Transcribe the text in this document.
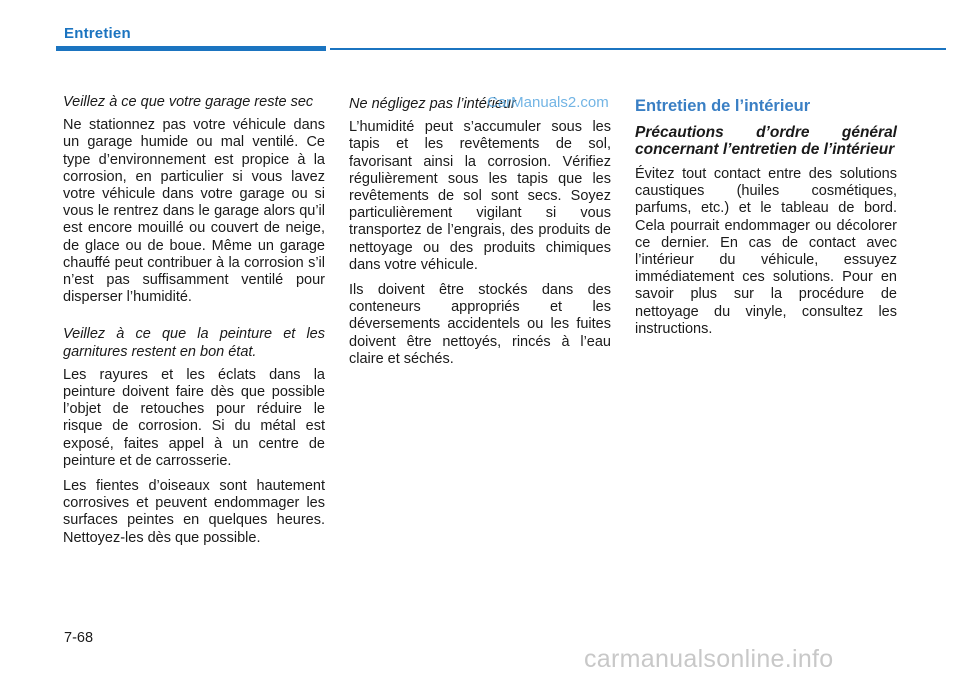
Entretien
Veillez à ce que votre garage reste sec

Ne stationnez pas votre véhicule dans un garage humide ou mal ventilé. Ce type d’environnement est propice à la corrosion, en particulier si vous lavez votre véhicule dans votre garage ou si vous le rentrez dans le garage alors qu’il est encore mouillé ou couvert de neige, de glace ou de boue. Même un garage chauffé peut contribuer à la corrosion s’il n’est pas suffisamment ventilé pour disperser l’humidité.

Veillez à ce que la peinture et les garnitures restent en bon état.

Les rayures et les éclats dans la peinture doivent faire dès que possible l’objet de retouches pour réduire le risque de corrosion. Si du métal est exposé, faites appel à un centre de peinture et de carrosserie.

Les fientes d’oiseaux sont hautement corrosives et peuvent endommager les surfaces peintes en quelques heures. Nettoyez-les dès que possible.

Ne négligez pas l’intérieur

L’humidité peut s’accumuler sous les tapis et les revêtements de sol, favorisant ainsi la corrosion. Vérifiez régulièrement sous les tapis que les revêtements de sol sont secs. Soyez particulièrement vigilant si vous transportez de l’engrais, des produits de nettoyage ou des produits chimiques dans votre véhicule.

Ils doivent être stockés dans des conteneurs appropriés et les déversements accidentels ou les fuites doivent être nettoyés, rincés à l’eau claire et séchés.

Entretien de l’intérieur
Précautions d’ordre général concernant l’entretien de l’intérieur

Évitez tout contact entre des solutions caustiques (huiles cosmétiques, parfums, etc.) et le tableau de bord. Cela pourrait endommager ou décolorer ce dernier. En cas de contact avec l’intérieur du véhicule, essuyez immédiatement ces solutions. Pour en savoir plus sur la procédure de nettoyage du vinyle, consultez les instructions.

CarManuals2.com
7-68
carmanualsonline.info
